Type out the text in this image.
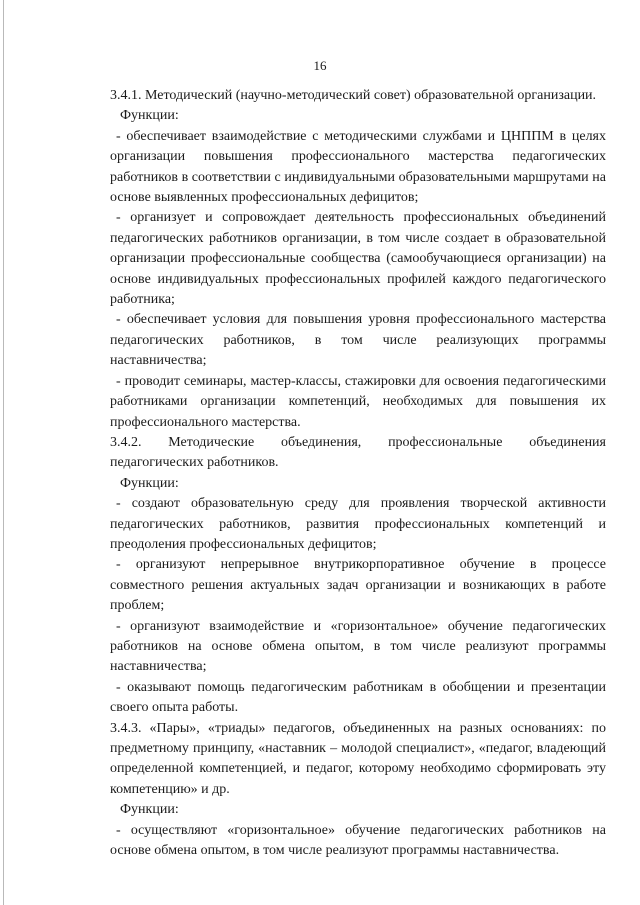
16

3.4.1. Методический (научно-методический совет) образовательной организации.

Функции:

- обеспечивает взаимодействие с методическими службами и ЦНППМ в целях организации повышения профессионального мастерства педагогических работников в соответствии с индивидуальными образовательными маршрутами на основе выявленных профессиональных дефицитов;

- организует и сопровождает деятельность профессиональных объединений педагогических работников организации, в том числе создает в образовательной организации профессиональные сообщества (самообучающиеся организации) на основе индивидуальных профессиональных профилей каждого педагогического работника;

- обеспечивает условия для повышения уровня профессионального мастерства педагогических работников, в том числе реализующих программы наставничества;

- проводит семинары, мастер-классы, стажировки для освоения педагогическими работниками организации компетенций, необходимых для повышения их профессионального мастерства.

3.4.2. Методические объединения, профессиональные объединения педагогических работников.

Функции:

- создают образовательную среду для проявления творческой активности педагогических работников, развития профессиональных компетенций и преодоления профессиональных дефицитов;

- организуют непрерывное внутрикорпоративное обучение в процессе совместного решения актуальных задач организации и возникающих в работе проблем;

- организуют взаимодействие и «горизонтальное» обучение педагогических работников на основе обмена опытом, в том числе реализуют программы наставничества;

- оказывают помощь педагогическим работникам в обобщении и презентации своего опыта работы.

3.4.3. «Пары», «триады» педагогов, объединенных на разных основаниях: по предметному принципу, «наставник – молодой специалист», «педагог, владеющий определенной компетенцией, и педагог, которому необходимо сформировать эту компетенцию» и др.

Функции:

- осуществляют «горизонтальное» обучение педагогических работников на основе обмена опытом, в том числе реализуют программы наставничества.
